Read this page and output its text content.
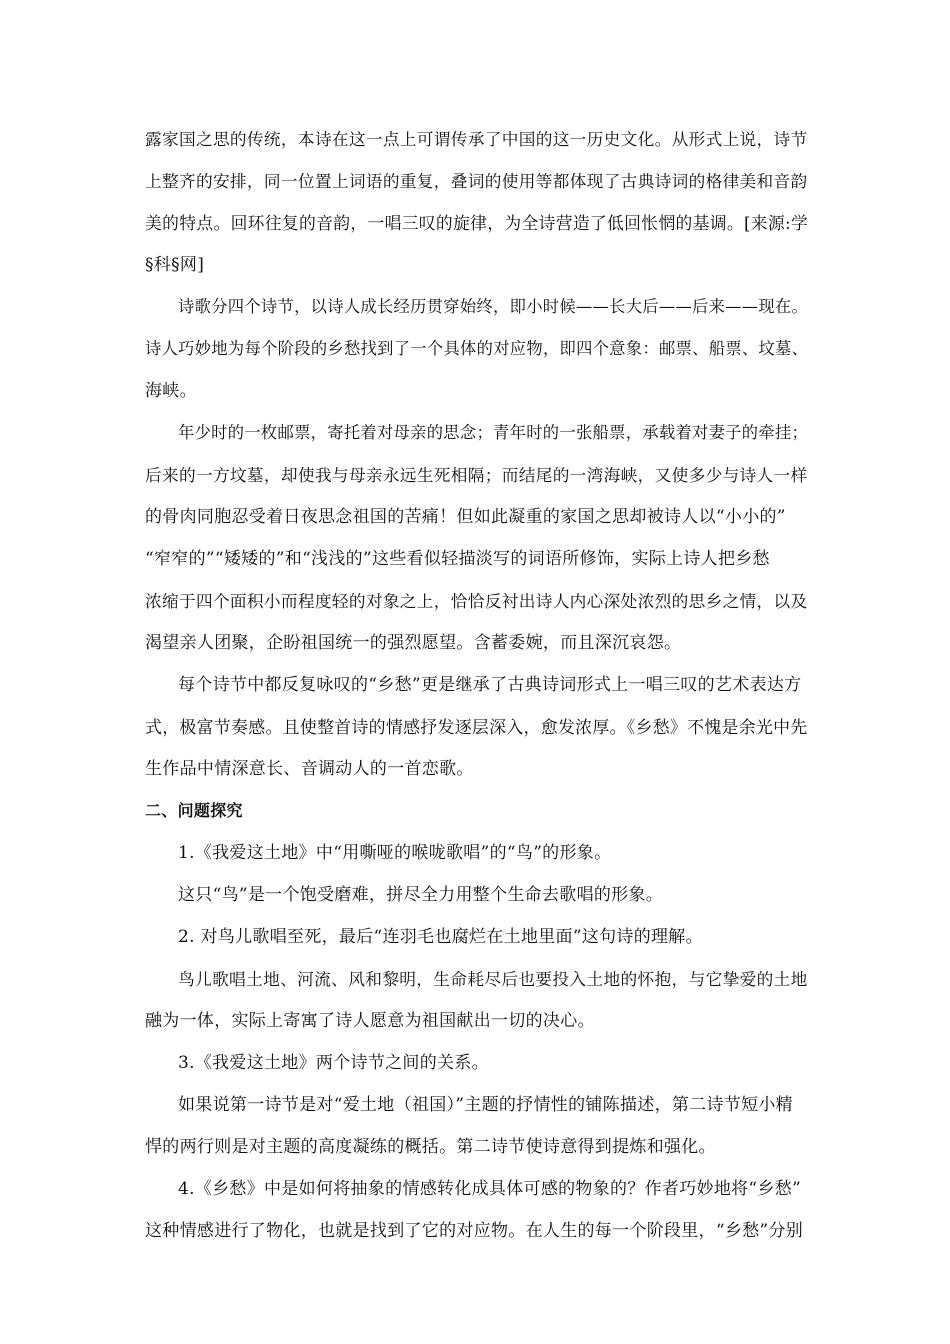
露家国之思的传统，本诗在这一点上可谓传承了中国的这一历史文化。从形式上说，诗节
上整齐的安排，同一位置上词语的重复，叠词的使用等都体现了古典诗词的格律美和音韵
美的特点。回环往复的音韵，一唱三叹的旋律，为全诗营造了低回怅惘的基调。[来源:学
§科§网]
诗歌分四个诗节，以诗人成长经历贯穿始终，即小时候——长大后——后来——现在。
诗人巧妙地为每个阶段的乡愁找到了一个具体的对应物，即四个意象：邮票、船票、坟墓、
海峡。
年少时的一枚邮票，寄托着对母亲的思念；青年时的一张船票，承载着对妻子的牵挂；
后来的一方坟墓，却使我与母亲永远生死相隔；而结尾的一湾海峡，又使多少与诗人一样
的骨肉同胞忍受着日夜思念祖国的苦痛！但如此凝重的家国之思却被诗人以“小小的”
“窄窄的”“矮矮的”和“浅浅的”这些看似轻描淡写的词语所修饰，实际上诗人把乡愁
浓缩于四个面积小而程度轻的对象之上，恰恰反衬出诗人内心深处浓烈的思乡之情，以及
渴望亲人团聚，企盼祖国统一的强烈愿望。含蓄委婉，而且深沉哀怨。
每个诗节中都反复咏叹的“乡愁”更是继承了古典诗词形式上一唱三叹的艺术表达方
式，极富节奏感。且使整首诗的情感抒发逐层深入，愈发浓厚。《乡愁》不愧是余光中先
生作品中情深意长、音调动人的一首恋歌。
二、问题探究
1.《我爱这土地》中“用嘶哑的喉咙歌唱”的“鸟”的形象。
这只“鸟”是一个饱受磨难，拼尽全力用整个生命去歌唱的形象。
2. 对鸟儿歌唱至死，最后“连羽毛也腐烂在土地里面”这句诗的理解。
鸟儿歌唱土地、河流、风和黎明，生命耗尽后也要投入土地的怀抱，与它挚爱的土地
融为一体，实际上寄寓了诗人愿意为祖国献出一切的决心。
3.《我爱这土地》两个诗节之间的关系。
如果说第一诗节是对“爱土地（祖国）”主题的抒情性的铺陈描述，第二诗节短小精
悍的两行则是对主题的高度凝练的概括。第二诗节使诗意得到提炼和强化。
4.《乡愁》中是如何将抽象的情感转化成具体可感的物象的？作者巧妙地将“乡愁”
这种情感进行了物化，也就是找到了它的对应物。在人生的每一个阶段里，“乡愁”分别
